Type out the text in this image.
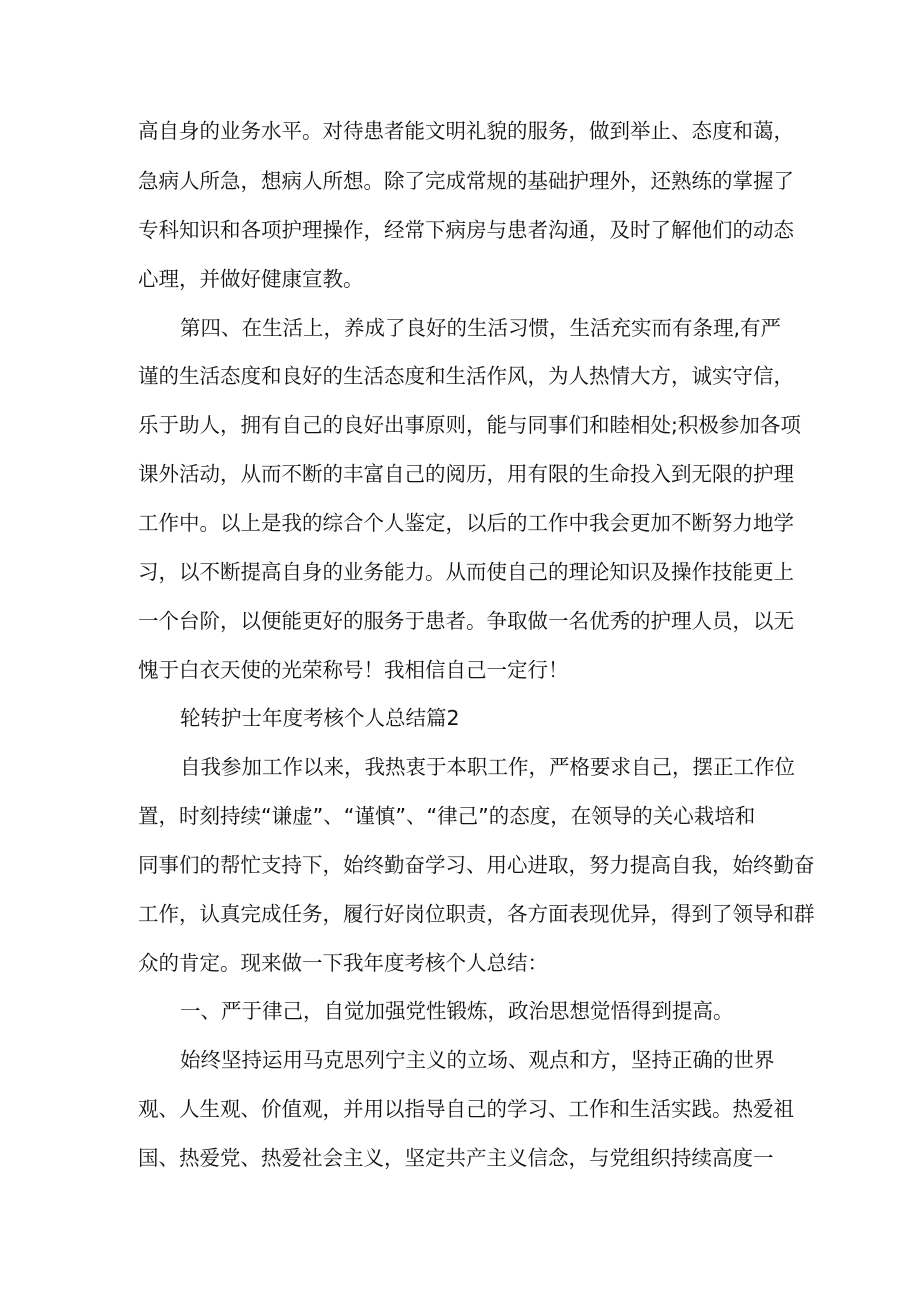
高自身的业务水平。对待患者能文明礼貌的服务，做到举止、态度和蔼，
急病人所急，想病人所想。除了完成常规的基础护理外，还熟练的掌握了
专科知识和各项护理操作，经常下病房与患者沟通，及时了解他们的动态
心理，并做好健康宣教。
第四、在生活上，养成了良好的生活习惯，生活充实而有条理,有严
谨的生活态度和良好的生活态度和生活作风，为人热情大方，诚实守信，
乐于助人，拥有自己的良好出事原则，能与同事们和睦相处;积极参加各项
课外活动，从而不断的丰富自己的阅历，用有限的生命投入到无限的护理
工作中。以上是我的综合个人鉴定，以后的工作中我会更加不断努力地学
习，以不断提高自身的业务能力。从而使自己的理论知识及操作技能更上
一个台阶，以便能更好的服务于患者。争取做一名优秀的护理人员，以无
愧于白衣天使的光荣称号！我相信自己一定行！
轮转护士年度考核个人总结篇2
自我参加工作以来，我热衷于本职工作，严格要求自己，摆正工作位
置，时刻持续“谦虚”、“谨慎”、“律己”的态度，在领导的关心栽培和
同事们的帮忙支持下，始终勤奋学习、用心进取，努力提高自我，始终勤奋
工作，认真完成任务，履行好岗位职责，各方面表现优异，得到了领导和群
众的肯定。现来做一下我年度考核个人总结：
一、严于律己，自觉加强党性锻炼，政治思想觉悟得到提高。
始终坚持运用马克思列宁主义的立场、观点和方，坚持正确的世界
观、人生观、价值观，并用以指导自己的学习、工作和生活实践。热爱祖
国、热爱党、热爱社会主义，坚定共产主义信念，与党组织持续高度一
